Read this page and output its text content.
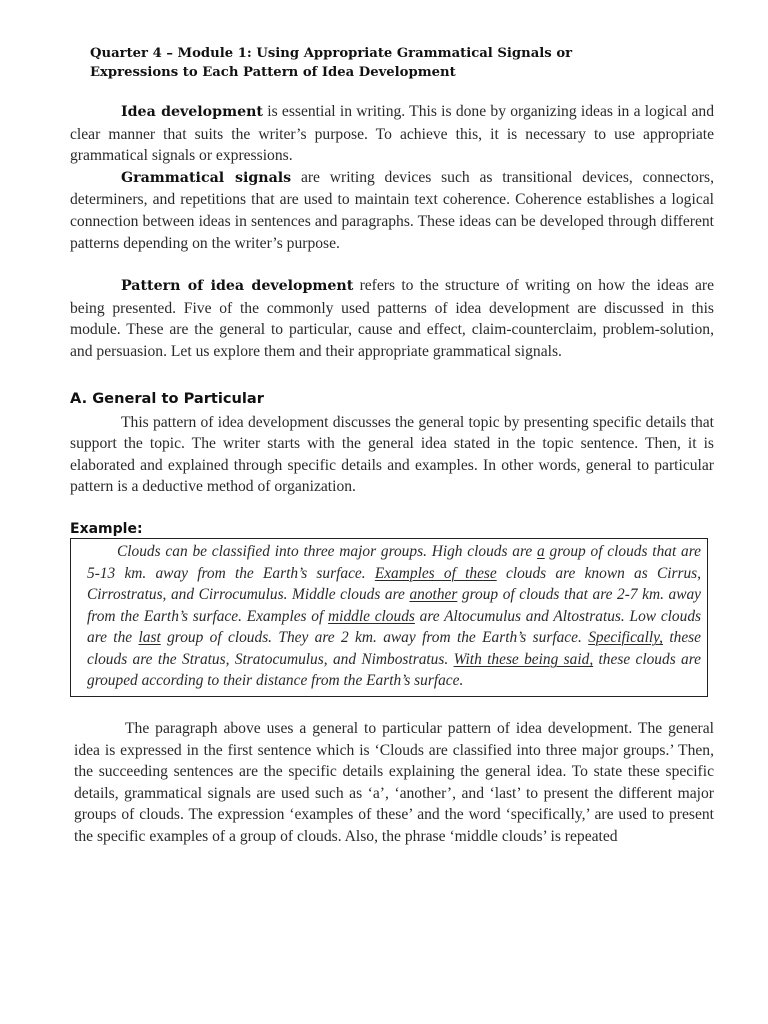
Quarter 4 – Module 1: Using Appropriate Grammatical Signals or
Expressions to Each Pattern of Idea Development

Idea development is essential in writing. This is done by organizing ideas in a logical and clear manner that suits the writer’s purpose. To achieve this, it is necessary to use appropriate grammatical signals or expressions.

Grammatical signals are writing devices such as transitional devices, connectors, determiners, and repetitions that are used to maintain text coherence. Coherence establishes a logical connection between ideas in sentences and paragraphs. These ideas can be developed through different patterns depending on the writer’s purpose.

Pattern of idea development refers to the structure of writing on how the ideas are being presented. Five of the commonly used patterns of idea development are discussed in this module. These are the general to particular, cause and effect, claim-counterclaim, problem-solution, and persuasion. Let us explore them and their appropriate grammatical signals.

A. General to Particular

This pattern of idea development discusses the general topic by presenting specific details that support the topic. The writer starts with the general idea stated in the topic sentence. Then, it is elaborated and explained through specific details and examples. In other words, general to particular pattern is a deductive method of organization.

Example:

Clouds can be classified into three major groups. High clouds are a group of clouds that are 5-13 km. away from the Earth’s surface. Examples of these clouds are known as Cirrus, Cirrostratus, and Cirrocumulus. Middle clouds are another group of clouds that are 2-7 km. away from the Earth’s surface. Examples of middle clouds are Altocumulus and Altostratus. Low clouds are the last group of clouds. They are 2 km. away from the Earth’s surface. Specifically, these clouds are the Stratus, Stratocumulus, and Nimbostratus. With these being said, these clouds are grouped according to their distance from the Earth’s surface.

The paragraph above uses a general to particular pattern of idea development. The general idea is expressed in the first sentence which is ‘Clouds are classified into three major groups.’ Then, the succeeding sentences are the specific details explaining the general idea. To state these specific details, grammatical signals are used such as ‘a’, ‘another’, and ‘last’ to present the different major groups of clouds. The expression ‘examples of these’ and the word ‘specifically,’ are used to present the specific examples of a group of clouds. Also, the phrase ‘middle clouds’ is repeated
